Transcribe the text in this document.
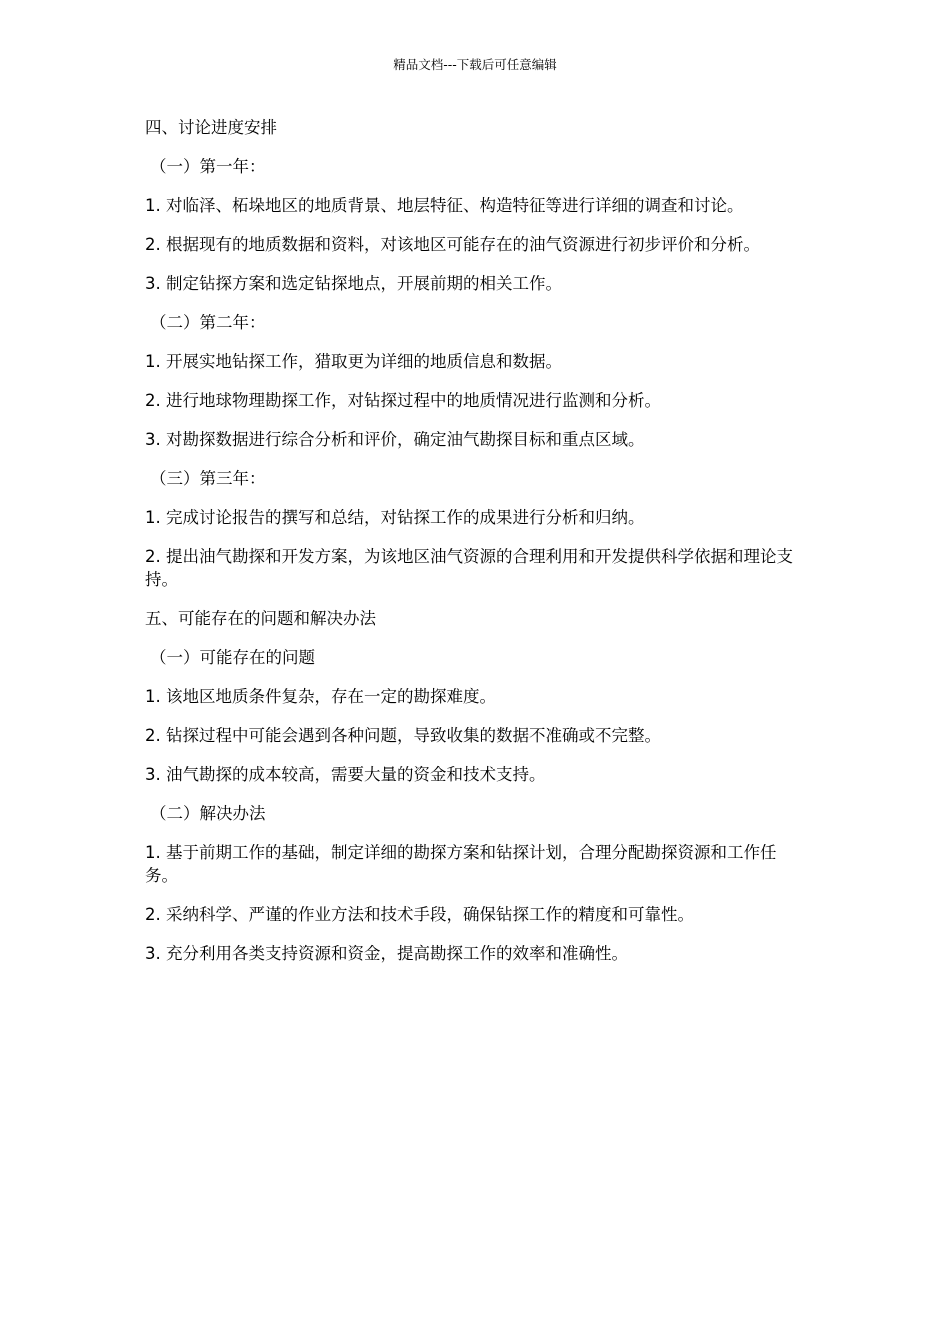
精品文档---下载后可任意编辑

四、讨论进度安排

（一）第一年：

1. 对临泽、柘垛地区的地质背景、地层特征、构造特征等进行详细的调查和讨论。

2. 根据现有的地质数据和资料，对该地区可能存在的油气资源进行初步评价和分析。

3. 制定钻探方案和选定钻探地点，开展前期的相关工作。

（二）第二年：

1. 开展实地钻探工作，猎取更为详细的地质信息和数据。

2. 进行地球物理勘探工作，对钻探过程中的地质情况进行监测和分析。

3. 对勘探数据进行综合分析和评价，确定油气勘探目标和重点区域。

（三）第三年：

1. 完成讨论报告的撰写和总结，对钻探工作的成果进行分析和归纳。

2. 提出油气勘探和开发方案，为该地区油气资源的合理利用和开发提供科学依据和理论支持。

五、可能存在的问题和解决办法

（一）可能存在的问题

1. 该地区地质条件复杂，存在一定的勘探难度。

2. 钻探过程中可能会遇到各种问题，导致收集的数据不准确或不完整。

3. 油气勘探的成本较高，需要大量的资金和技术支持。

（二）解决办法

1. 基于前期工作的基础，制定详细的勘探方案和钻探计划，合理分配勘探资源和工作任务。

2. 采纳科学、严谨的作业方法和技术手段，确保钻探工作的精度和可靠性。

3. 充分利用各类支持资源和资金，提高勘探工作的效率和准确性。
